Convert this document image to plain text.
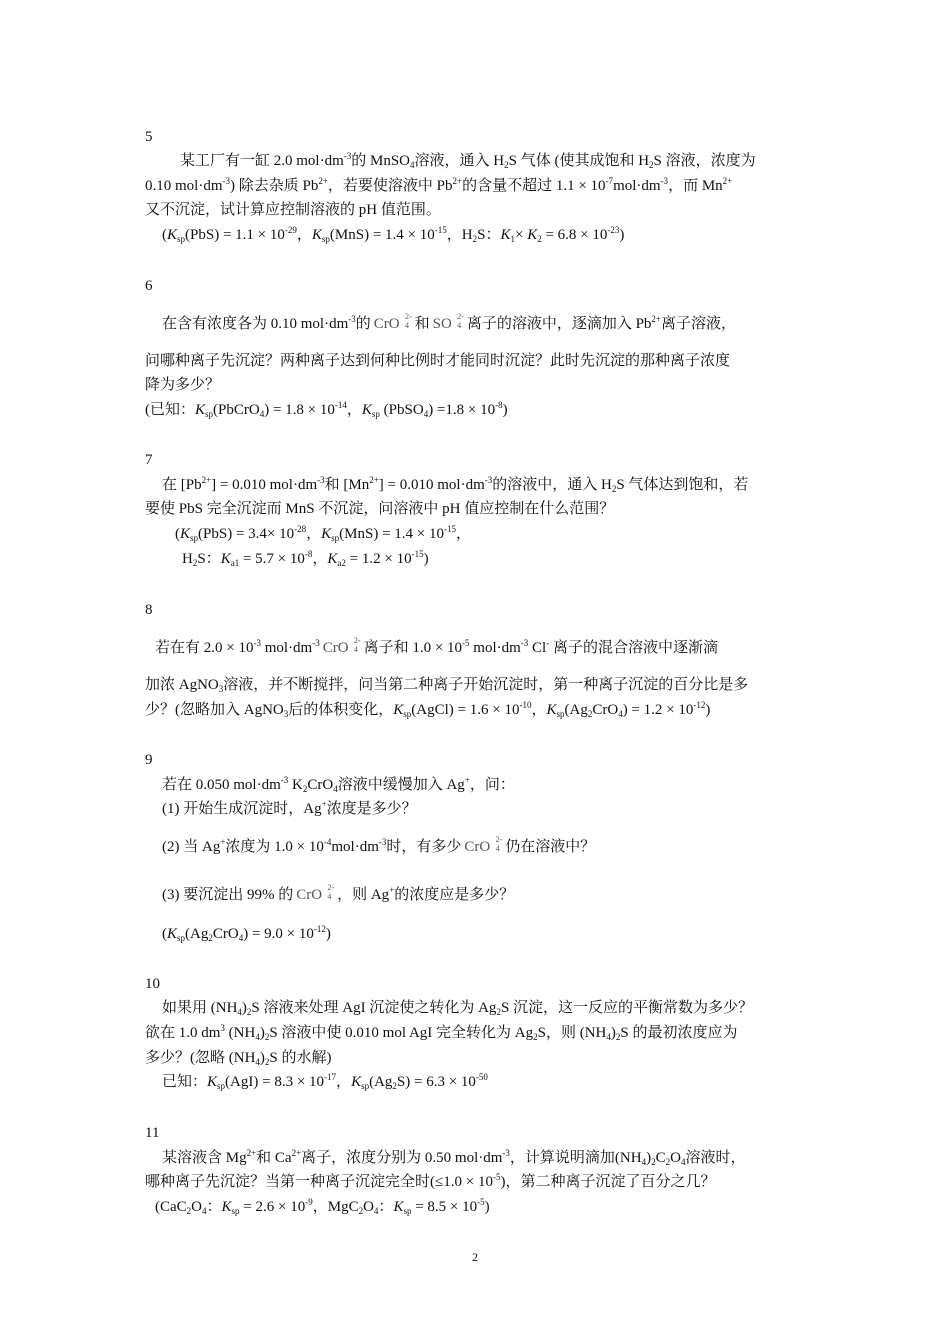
5
某工厂有一缸 2.0 $mol\cdot dm^{-3}$的 MnSO$_4$溶液，通入 $H_2S$ 气体 (使其成饱和 $H_2S$ 溶液，浓度为
0.10 $mol\cdot dm^{-3}$) 除去杂质 $Pb^{2+}$，若要使溶液中 $Pb^{2+}$的含量不超过 $1.1 \times 10^{-7}mol\cdot dm^{-3}$，而 $Mn^{2+}$
又不沉淀，试计算应控制溶液的 pH 值范围。
($K_{sp}(PbS) = 1.1 \times 10^{-29}$，$K_{sp}(MnS) = 1.4 \times 10^{-15}$，$H_2S$：$K_1\times K_2 = 6.8 \times 10^{-23}$)
6
在含有浓度各为 0.10 $mol\cdot dm^{-3}$的 CrO 2-
4 和 SO 2-
4 离子的溶液中，逐滴加入 $Pb^{2+}$离子溶液，
问哪种离子先沉淀？两种离子达到何种比例时才能同时沉淀？此时先沉淀的那种离子浓度
降为多少？
(已知：$K_{sp}(PbCrO_4) = 1.8 \times 10^{-14}$，$K_{sp}$ (PbSO$_4$) $=1.8 \times 10^{-8}$)
7
在 $[Pb^{2+}] = 0.010$ $mol\cdot dm^{-3}$和 $[Mn^{2+}] = 0.010$ $mol\cdot dm^{-3}$的溶液中，通入 $H_2S$ 气体达到饱和，若
要使 PbS 完全沉淀而 MnS 不沉淀，问溶液中 pH 值应控制在什么范围？
($K_{sp}(PbS) = 3.4\times 10^{-28}$，$K_{sp}(MnS) = 1.4 \times 10^{-15}$，
$H_2S$：$K_{a1} = 5.7 \times 10^{-8}$，$K_{a2} = 1.2 \times 10^{-15}$)
8
若在有 $2.0 \times 10^{-3}$ $mol\cdot dm^{-3}$ CrO 2-
4 离子和 $1.0 \times 10^{-5}$ $mol\cdot dm^{-3}$ Cl- 离子的混合溶液中逐渐滴
加浓 AgNO$_3$溶液，并不断搅拌，问当第二种离子开始沉淀时，第一种离子沉淀的百分比是多
少？(忽略加入 AgNO$_3$后的体积变化，$K_{sp}(AgCl) = 1.6 \times 10^{-10}$，$K_{sp}(Ag_2CrO_4) = 1.2 \times 10^{-12}$)
9
若在 0.050 $mol\cdot dm^{-3}$ $K_2CrO_4$溶液中缓慢加入 Ag+，问：
(1) 开始生成沉淀时，Ag+浓度是多少？
(2) 当 Ag+浓度为 $1.0 \times 10^{-4}mol\cdot dm^{-3}$时，有多少 CrO 2-
4 仍在溶液中？
(3) 要沉淀出 99% 的 CrO 2-
4 ，则 Ag+的浓度应是多少？
$(K_{sp}(Ag_2CrO_4) = 9.0 \times 10^{-12})$
10
如果用 $(NH_4)_2S$ 溶液来处理 AgI 沉淀使之转化为 $Ag_2S$ 沉淀，这一反应的平衡常数为多少？
欲在 1.0 $dm^3$ $(NH_4)_2S$ 溶液中使 0.010 mol AgI 完全转化为 $Ag_2S$，则 $(NH_4)_2S$ 的最初浓度应为
多少？(忽略 $(NH_4)_2S$ 的水解)
已知：$K_{sp}(AgI) = 8.3 \times 10^{-17}$，$K_{sp}(Ag_2S) = 6.3 \times 10^{-50}$
11
某溶液含 $Mg^{2+}$和 $Ca^{2+}$离子，浓度分别为 0.50 $mol\cdot dm^{-3}$，计算说明滴加$(NH_4)_2C_2O_4$溶液时，
哪种离子先沉淀？当第一种离子沉淀完全时$(\le 1.0 \times 10^{-5})$，第二种离子沉淀了百分之几？
($CaC_2O_4$：$K_{sp} = 2.6 \times 10^{-9}$，$MgC_2O_4$：$K_{sp} = 8.5 \times 10^{-5}$)
2
